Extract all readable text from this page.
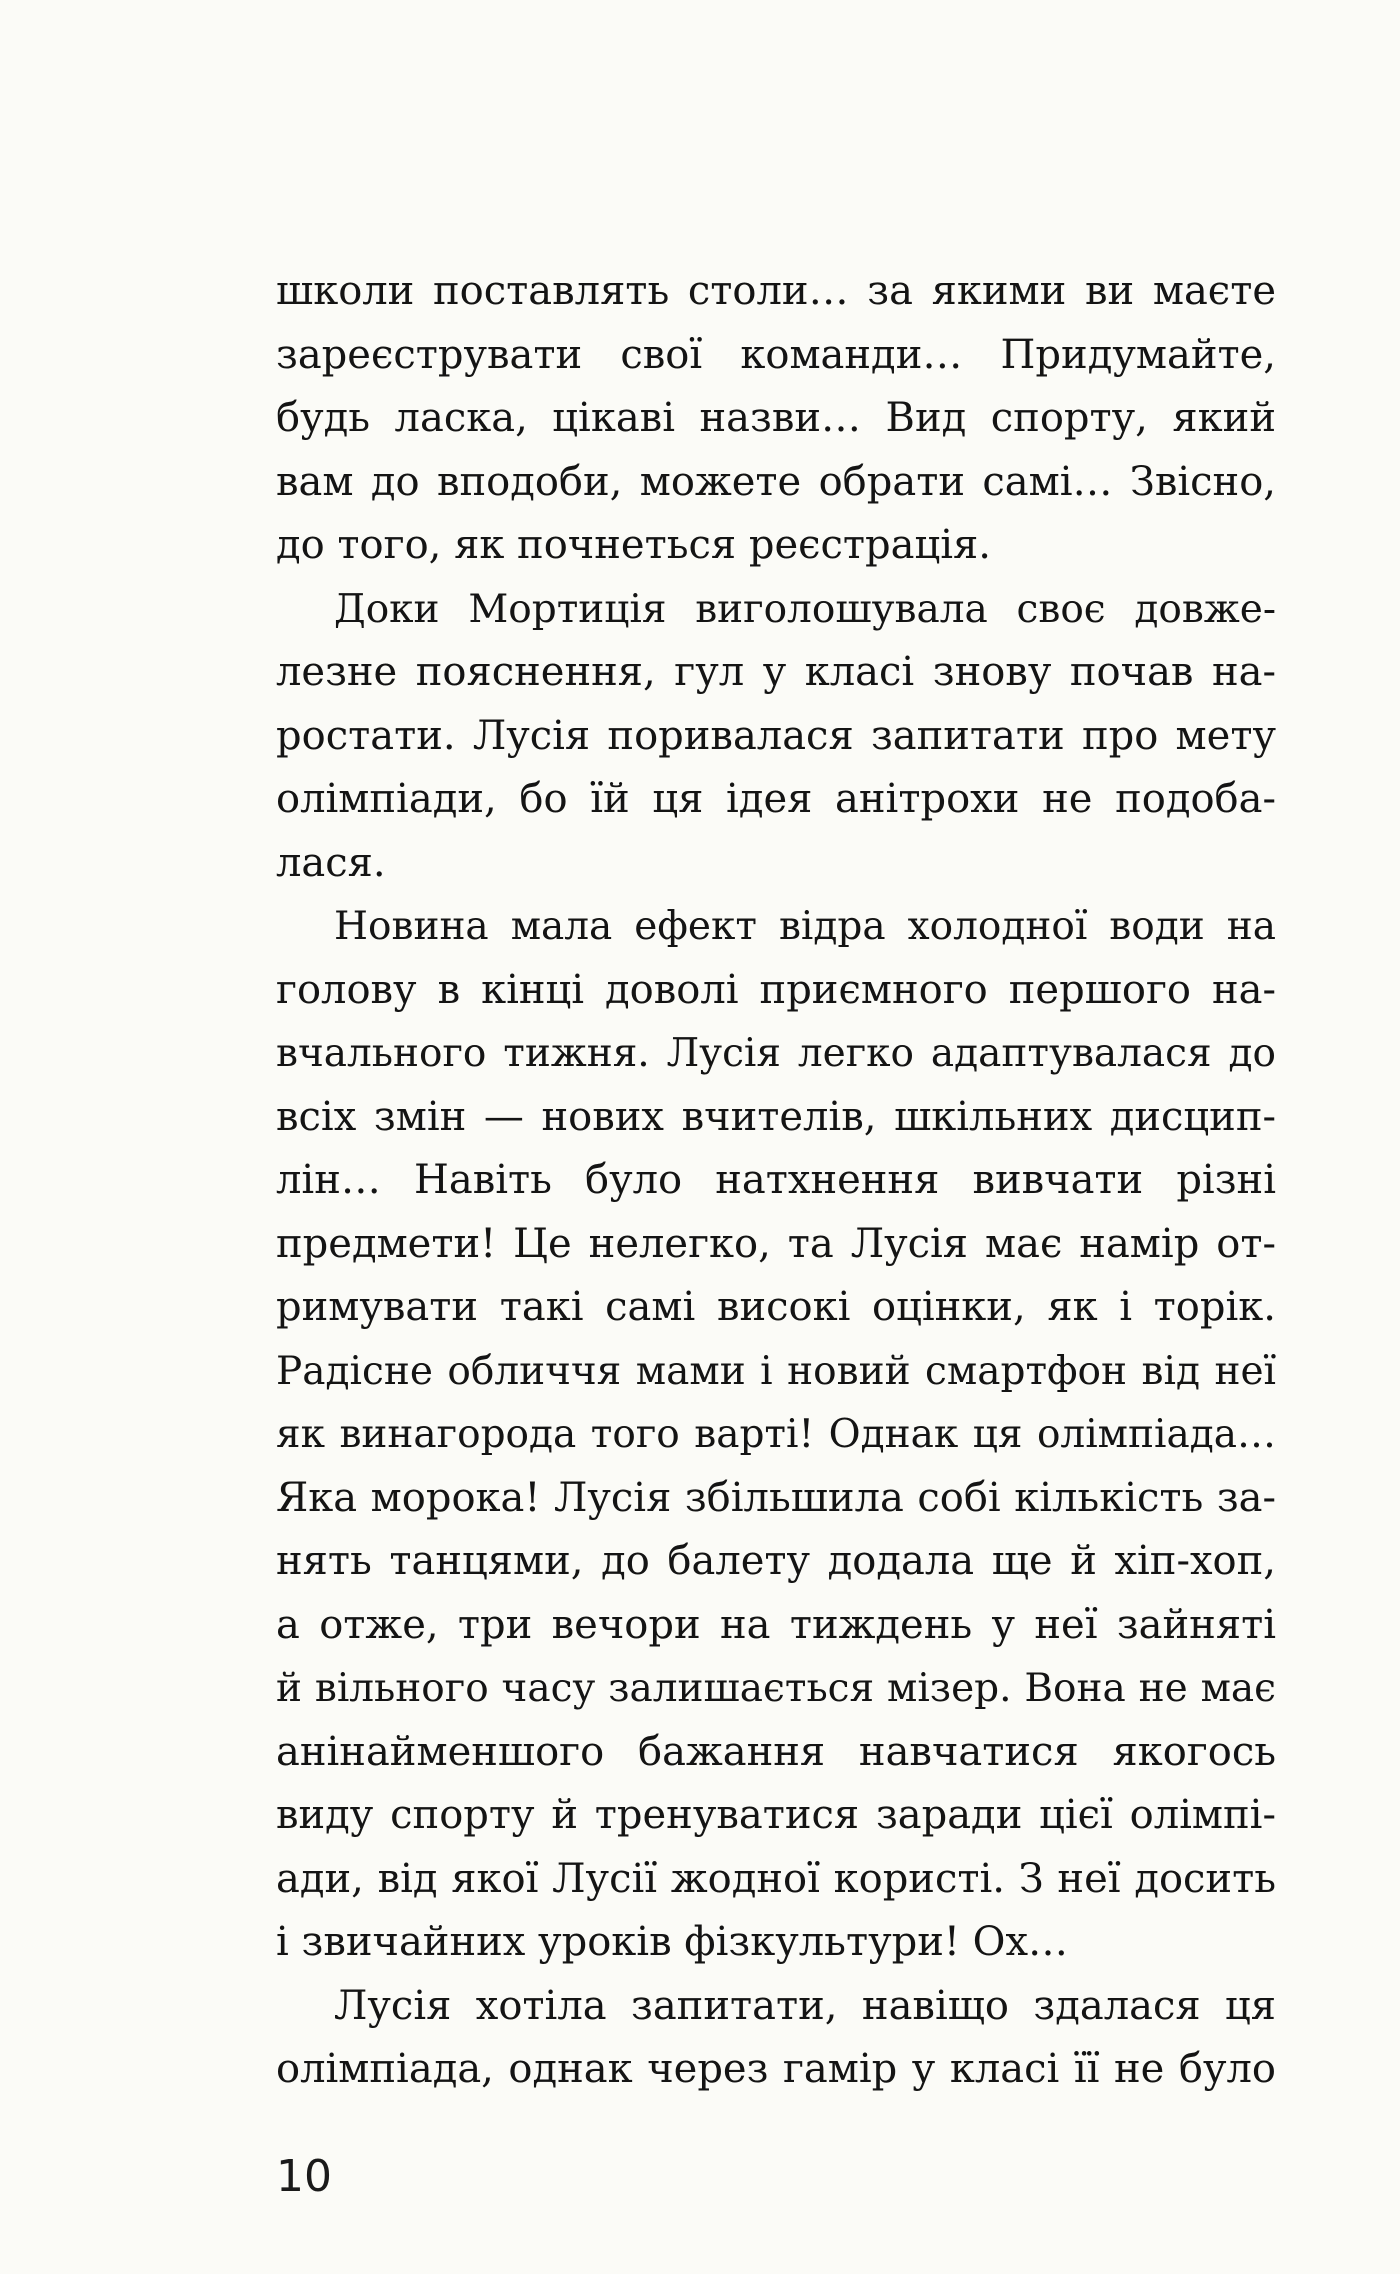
школи поставлять столи… за якими ви маєте
зареєструвати свої команди… Придумайте,
будь ласка, цікаві назви… Вид спорту, який
вам до вподоби, можете обрати самі… Звісно,
до того, як почнеться реєстрація.
Доки Мортиція виголошувала своє довже-
лезне пояснення, гул у класі знову почав на-
ростати. Лусія поривалася запитати про мету
олімпіади, бо їй ця ідея анітрохи не подоба-
лася.
Новина мала ефект відра холодної води на
голову в кінці доволі приємного першого на-
вчального тижня. Лусія легко адаптувалася до
всіх змін — нових вчителів, шкільних дисцип-
лін… Навіть було натхнення вивчати різні
предмети! Це нелегко, та Лусія має намір от-
римувати такі самі високі оцінки, як і торік.
Радісне обличчя мами і новий смартфон від неї
як винагорода того варті! Однак ця олімпіада…
Яка морока! Лусія збільшила собі кількість за-
нять танцями, до балету додала ще й хіп-хоп,
а отже, три вечори на тиждень у неї зайняті
й вільного часу залишається мізер. Вона не має
анінайменшого бажання навчатися якогось
виду спорту й тренуватися заради цієї олімпі-
ади, від якої Лусії жодної користі. З неї досить
і звичайних уроків фізкультури! Ох…
Лусія хотіла запитати, навіщо здалася ця
олімпіада, однак через гамір у класі її не було
10
